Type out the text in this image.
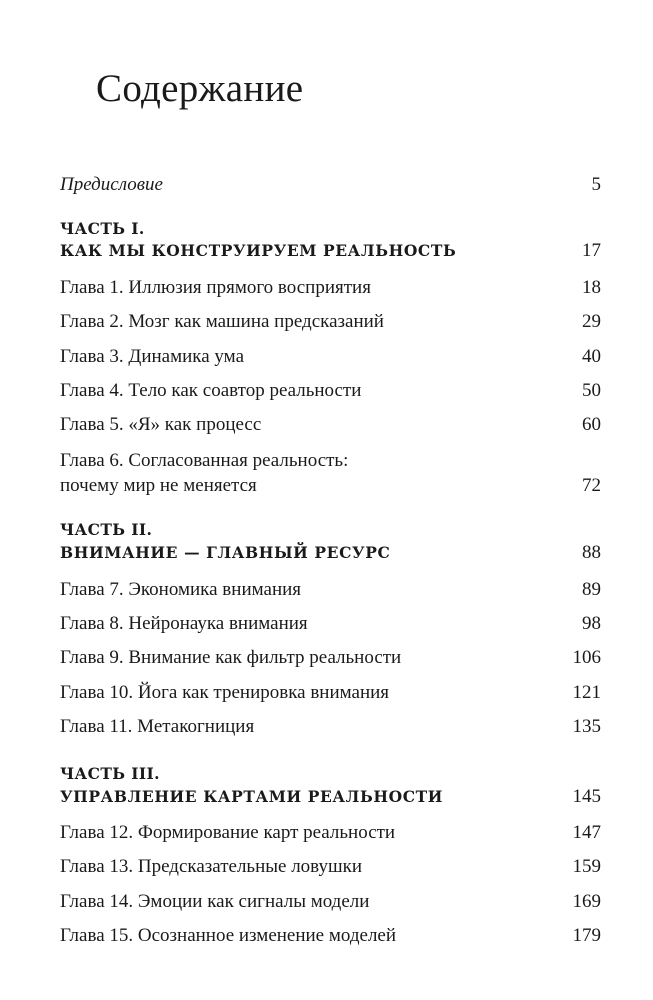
Содержание
Предисловие	5
ЧАСТЬ I.
КАК МЫ КОНСТРУИРУЕМ РЕАЛЬНОСТЬ	17
Глава 1. Иллюзия прямого восприятия	18
Глава 2. Мозг как машина предсказаний	29
Глава 3. Динамика ума	40
Глава 4. Тело как соавтор реальности	50
Глава 5. «Я» как процесс	60
Глава 6. Согласованная реальность:
почему мир не меняется	72
ЧАСТЬ II.
ВНИМАНИЕ — ГЛАВНЫЙ РЕСУРС	88
Глава 7. Экономика внимания	89
Глава 8. Нейронаука внимания	98
Глава 9. Внимание как фильтр реальности	106
Глава 10. Йога как тренировка внимания	121
Глава 11. Метакогниция	135
ЧАСТЬ III.
УПРАВЛЕНИЕ КАРТАМИ РЕАЛЬНОСТИ	145
Глава 12. Формирование карт реальности	147
Глава 13. Предсказательные ловушки	159
Глава 14. Эмоции как сигналы модели	169
Глава 15. Осознанное изменение моделей	179
